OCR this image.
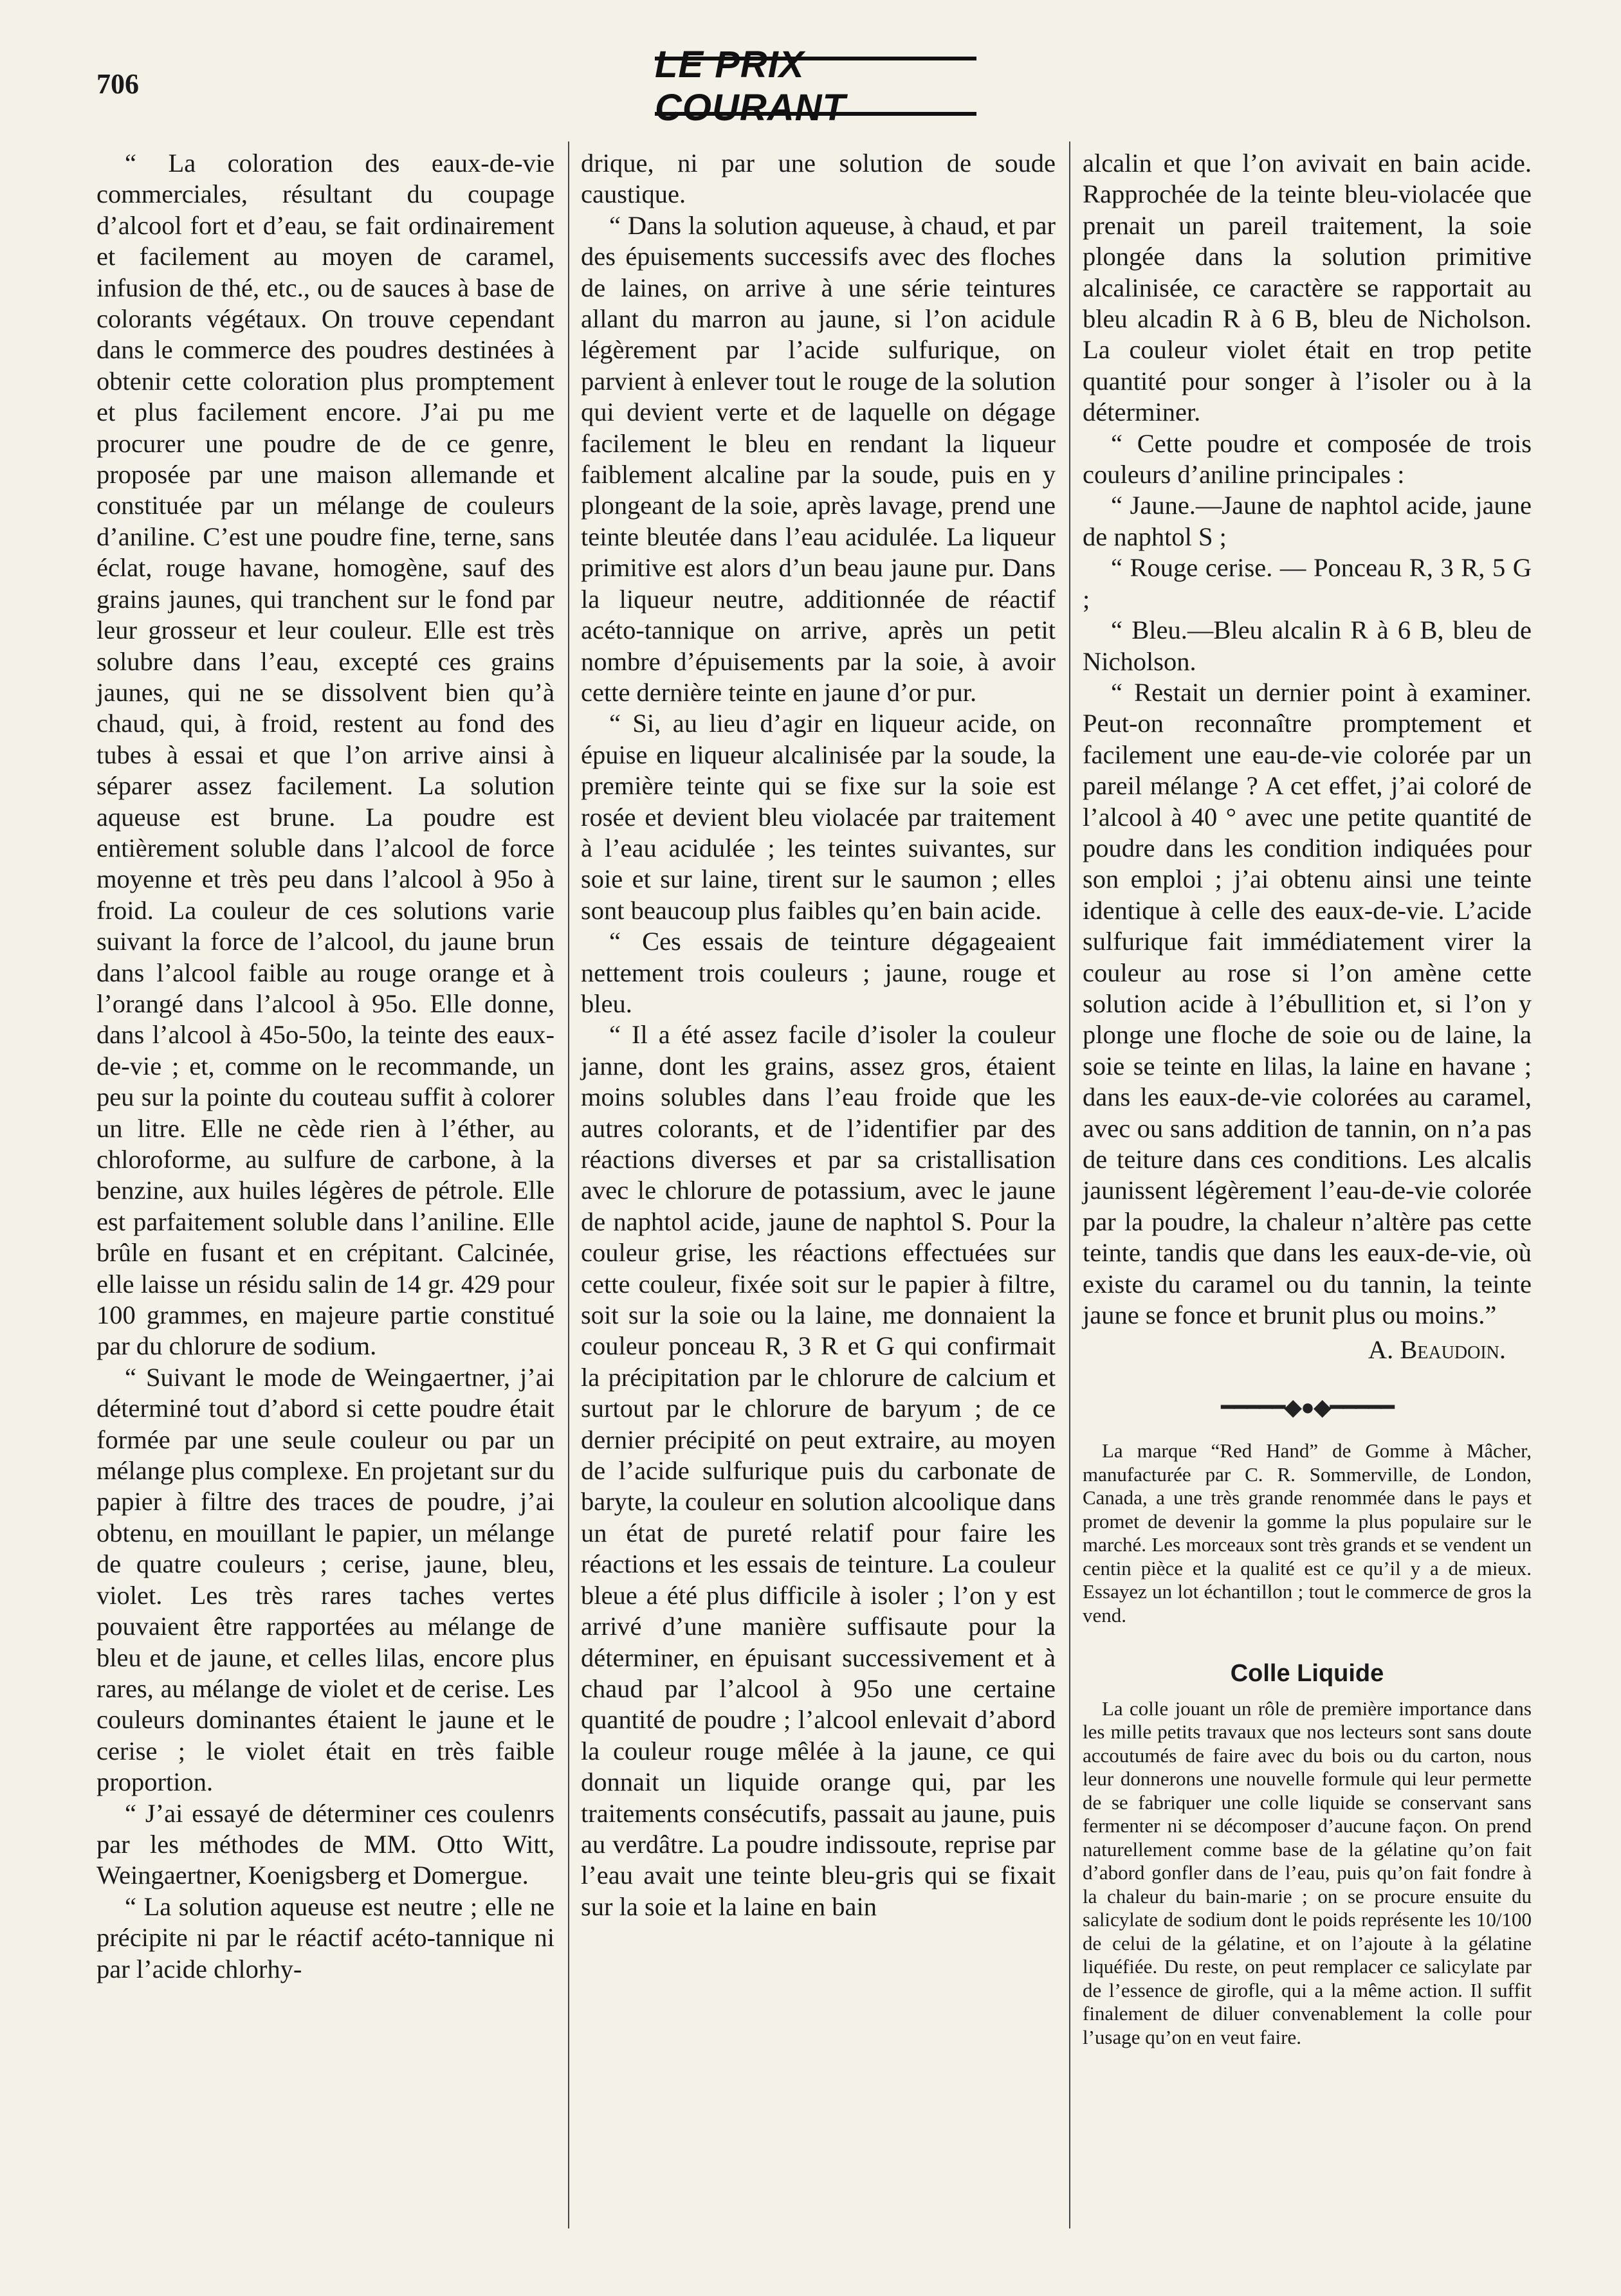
706	LE PRIX COURANT

“ La coloration des eaux-de-vie commerciales, résultant du coupage d’alcool fort et d’eau, se fait ordinairement et facilement au moyen de caramel, infusion de thé, etc., ou de sauces à base de colorants végétaux. On trouve cependant dans le commerce des poudres destinées à obtenir cette coloration plus promptement et plus facilement encore. J’ai pu me procurer une poudre de de ce genre, proposée par une maison allemande et constituée par un mélange de couleurs d’aniline. C’est une poudre fine, terne, sans éclat, rouge havane, homogène, sauf des grains jaunes, qui tranchent sur le fond par leur grosseur et leur couleur. Elle est très solubre dans l’eau, excepté ces grains jaunes, qui ne se dissolvent bien qu’à chaud, qui, à froid, restent au fond des tubes à essai et que l’on arrive ainsi à séparer assez facilement. La solution aqueuse est brune. La poudre est entièrement soluble dans l’alcool de force moyenne et très peu dans l’alcool à 95o à froid. La couleur de ces solutions varie suivant la force de l’alcool, du jaune brun dans l’alcool faible au rouge orange et à l’orangé dans l’alcool à 95o. Elle donne, dans l’alcool à 45o-50o, la teinte des eaux-de-vie ; et, comme on le recommande, un peu sur la pointe du couteau suffit à colorer un litre. Elle ne cède rien à l’éther, au chloroforme, au sulfure de carbone, à la benzine, aux huiles légères de pétrole. Elle est parfaitement soluble dans l’aniline. Elle brûle en fusant et en crépitant. Calcinée, elle laisse un résidu salin de 14 gr. 429 pour 100 grammes, en majeure partie constitué par du chlorure de sodium.

“ Suivant le mode de Weingaertner, j’ai déterminé tout d’abord si cette poudre était formée par une seule couleur ou par un mélange plus complexe. En projetant sur du papier à filtre des traces de poudre, j’ai obtenu, en mouillant le papier, un mélange de quatre couleurs ; cerise, jaune, bleu, violet. Les très rares taches vertes pouvaient être rapportées au mélange de bleu et de jaune, et celles lilas, encore plus rares, au mélange de violet et de cerise. Les couleurs dominantes étaient le jaune et le cerise ; le violet était en très faible proportion.

“ J’ai essayé de déterminer ces coulenrs par les méthodes de MM. Otto Witt, Weingaertner, Koenigsberg et Domergue.

“ La solution aqueuse est neutre ; elle ne précipite ni par le réactif acéto-tannique ni par l’acide chlorhy-

drique, ni par une solution de soude caustique.

“ Dans la solution aqueuse, à chaud, et par des épuisements successifs avec des floches de laines, on arrive à une série teintures allant du marron au jaune, si l’on acidule légèrement par l’acide sulfurique, on parvient à enlever tout le rouge de la solution qui devient verte et de laquelle on dégage facilement le bleu en rendant la liqueur faiblement alcaline par la soude, puis en y plongeant de la soie, après lavage, prend une teinte bleutée dans l’eau acidulée. La liqueur primitive est alors d’un beau jaune pur. Dans la liqueur neutre, additionnée de réactif acéto-tannique on arrive, après un petit nombre d’épuisements par la soie, à avoir cette dernière teinte en jaune d’or pur.

“ Si, au lieu d’agir en liqueur acide, on épuise en liqueur alcalinisée par la soude, la première teinte qui se fixe sur la soie est rosée et devient bleu violacée par traitement à l’eau acidulée ; les teintes suivantes, sur soie et sur laine, tirent sur le saumon ; elles sont beaucoup plus faibles qu’en bain acide.

“ Ces essais de teinture dégageaient nettement trois couleurs ; jaune, rouge et bleu.

“ Il a été assez facile d’isoler la couleur janne, dont les grains, assez gros, étaient moins solubles dans l’eau froide que les autres colorants, et de l’identifier par des réactions diverses et par sa cristallisation avec le chlorure de potassium, avec le jaune de naphtol acide, jaune de naphtol S. Pour la couleur grise, les réactions effectuées sur cette couleur, fixée soit sur le papier à filtre, soit sur la soie ou la laine, me donnaient la couleur ponceau R, 3 R et G qui confirmait la précipitation par le chlorure de calcium et surtout par le chlorure de baryum ; de ce dernier précipité on peut extraire, au moyen de l’acide sulfurique puis du carbonate de baryte, la couleur en solution alcoolique dans un état de pureté relatif pour faire les réactions et les essais de teinture. La couleur bleue a été plus difficile à isoler ; l’on y est arrivé d’une manière suffisaute pour la déterminer, en épuisant successivement et à chaud par l’alcool à 95o une certaine quantité de poudre ; l’alcool enlevait d’abord la couleur rouge mêlée à la jaune, ce qui donnait un liquide orange qui, par les traitements consécutifs, passait au jaune, puis au verdâtre. La poudre indissoute, reprise par l’eau avait une teinte bleu-gris qui se fixait sur la soie et la laine en bain

alcalin et que l’on avivait en bain acide. Rapprochée de la teinte bleu-violacée que prenait un pareil traitement, la soie plongée dans la solution primitive alcalinisée, ce caractère se rapportait au bleu alcadin R à 6 B, bleu de Nicholson. La couleur violet était en trop petite quantité pour songer à l’isoler ou à la déterminer.

“ Cette poudre et composée de trois couleurs d’aniline principales :

“ Jaune.—Jaune de naphtol acide, jaune de naphtol S ;

“ Rouge cerise. — Ponceau R, 3 R, 5 G ;

“ Bleu.—Bleu alcalin R à 6 B, bleu de Nicholson.

“ Restait un dernier point à examiner. Peut-on reconnaître promptement et facilement une eau-de-vie colorée par un pareil mélange ? A cet effet, j’ai coloré de l’alcool à 40 ° avec une petite quantité de poudre dans les condition indiquées pour son emploi ; j’ai obtenu ainsi une teinte identique à celle des eaux-de-vie. L’acide sulfurique fait immédiatement virer la couleur au rose si l’on amène cette solution acide à l’ébullition et, si l’on y plonge une floche de soie ou de laine, la soie se teinte en lilas, la laine en havane ; dans les eaux-de-vie colorées au caramel, avec ou sans addition de tannin, on n’a pas de teiture dans ces conditions. Les alcalis jaunissent légèrement l’eau-de-vie colorée par la poudre, la chaleur n’altère pas cette teinte, tandis que dans les eaux-de-vie, où existe du caramel ou du tannin, la teinte jaune se fonce et brunit plus ou moins.”

A. Beaudoin.
━━━━━◆●◆━━━━━

La marque “Red Hand” de Gomme à Mâcher, manufacturée par C. R. Sommerville, de London, Canada, a une très grande renommée dans le pays et promet de devenir la gomme la plus populaire sur le marché. Les morceaux sont très grands et se vendent un centin pièce et la qualité est ce qu’il y a de mieux. Essayez un lot échantillon ; tout le commerce de gros la vend.

Colle Liquide

La colle jouant un rôle de première importance dans les mille petits travaux que nos lecteurs sont sans doute accoutumés de faire avec du bois ou du carton, nous leur donnerons une nouvelle formule qui leur permette de se fabriquer une colle liquide se conservant sans fermenter ni se décomposer d’aucune façon. On prend naturellement comme base de la gélatine qu’on fait d’abord gonfler dans de l’eau, puis qu’on fait fondre à la chaleur du bain-marie ; on se procure ensuite du salicylate de sodium dont le poids représente les 10/100 de celui de la gélatine, et on l’ajoute à la gélatine liquéfiée. Du reste, on peut remplacer ce salicylate par de l’essence de girofle, qui a la même action. Il suffit finalement de diluer convenablement la colle pour l’usage qu’on en veut faire.
